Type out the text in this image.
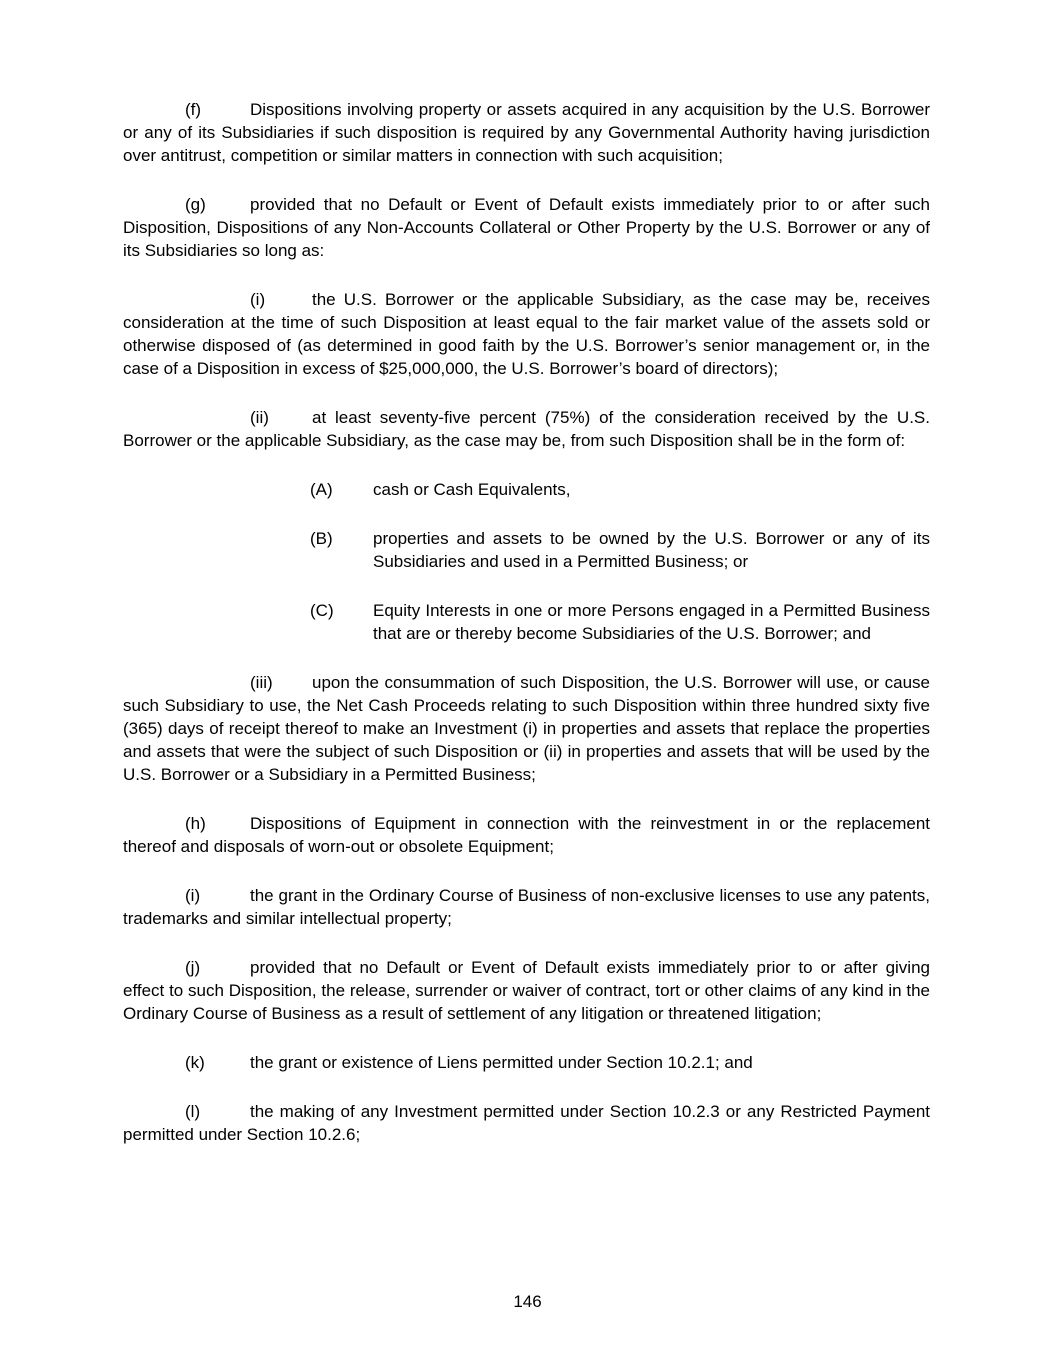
(f)	Dispositions involving property or assets acquired in any acquisition by the U.S. Borrower or any of its Subsidiaries if such disposition is required by any Governmental Authority having jurisdiction over antitrust, competition or similar matters in connection with such acquisition;

(g)	provided that no Default or Event of Default exists immediately prior to or after such Disposition, Dispositions of any Non-Accounts Collateral or Other Property by the U.S. Borrower or any of its Subsidiaries so long as:

(i)	the U.S. Borrower or the applicable Subsidiary, as the case may be, receives consideration at the time of such Disposition at least equal to the fair market value of the assets sold or otherwise disposed of (as determined in good faith by the U.S. Borrower’s senior management or, in the case of a Disposition in excess of $25,000,000, the U.S. Borrower’s board of directors);

(ii)	at least seventy-five percent (75%) of the consideration received by the U.S. Borrower or the applicable Subsidiary, as the case may be, from such Disposition shall be in the form of:

(A) cash or Cash Equivalents,

(B) properties and assets to be owned by the U.S. Borrower or any of its Subsidiaries and used in a Permitted Business; or

(C) Equity Interests in one or more Persons engaged in a Permitted Business that are or thereby become Subsidiaries of the U.S. Borrower; and

(iii) upon the consummation of such Disposition, the U.S. Borrower will use, or cause such Subsidiary to use, the Net Cash Proceeds relating to such Disposition within three hundred sixty five (365) days of receipt thereof to make an Investment (i) in properties and assets that replace the properties and assets that were the subject of such Disposition or (ii) in properties and assets that will be used by the U.S. Borrower or a Subsidiary in a Permitted Business;

(h)	Dispositions of Equipment in connection with the reinvestment in or the replacement thereof and disposals of worn-out or obsolete Equipment;

(i)	the grant in the Ordinary Course of Business of non-exclusive licenses to use any patents, trademarks and similar intellectual property;

(j)	provided that no Default or Event of Default exists immediately prior to or after giving effect to such Disposition, the release, surrender or waiver of contract, tort or other claims of any kind in the Ordinary Course of Business as a result of settlement of any litigation or threatened litigation;

(k)	the grant or existence of Liens permitted under Section 10.2.1; and

(l)	the making of any Investment permitted under Section 10.2.3 or any Restricted Payment permitted under Section 10.2.6;

146
